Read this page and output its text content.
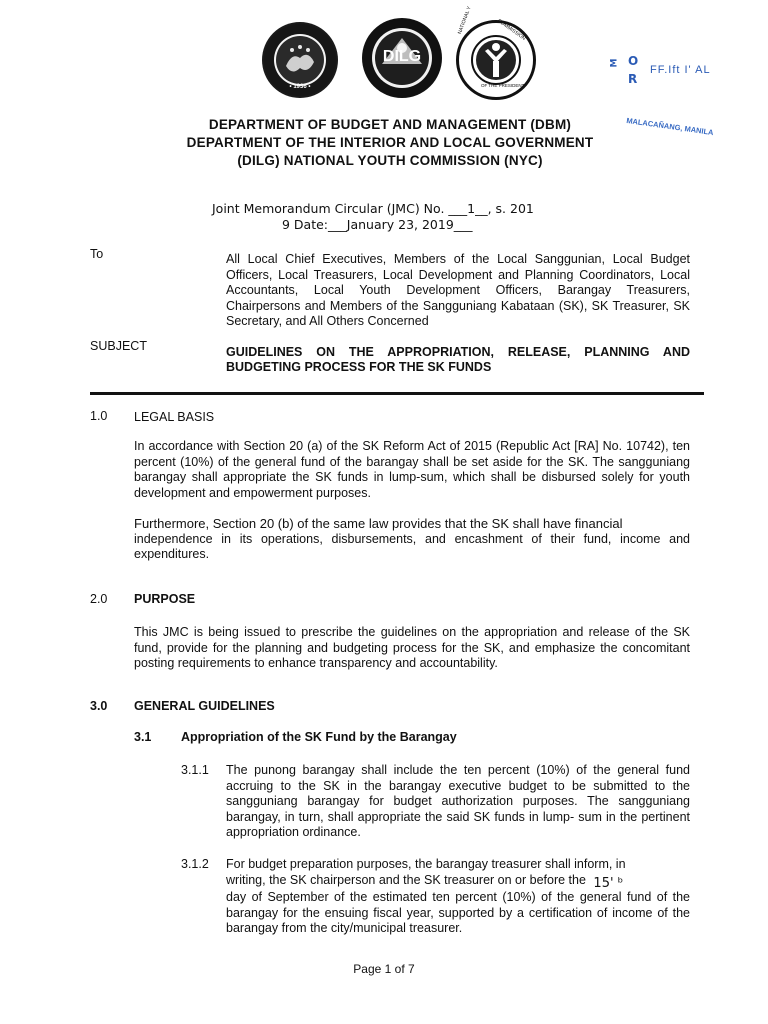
• 1936 •
DILG
NATIONAL Y	COMMISSION
OF THE PRESIDENT
M O
R
FF.Ift I' AL
MALACAÑANG, MANILA
DEPARTMENT OF BUDGET AND MANAGEMENT (DBM)
DEPARTMENT OF THE INTERIOR AND LOCAL GOVERNMENT
(DILG) NATIONAL YOUTH COMMISSION (NYC)
Joint Memorandum Circular (JMC) No. ___1__, s. 201
9 Date:___January 23, 2019___
To	All Local Chief Executives, Members of the Local Sanggunian, Local Budget Officers, Local Treasurers, Local Development and Planning Coordinators, Local Accountants, Local Youth Development Officers, Barangay Treasurers, Chairpersons and Members of the Sangguniang Kabataan (SK), SK Treasurer, SK Secretary, and All Others Concerned
SUBJECT	GUIDELINES ON THE APPROPRIATION, RELEASE, PLANNING AND BUDGETING PROCESS FOR THE SK FUNDS
1.0 LEGAL BASIS
In accordance with Section 20 (a) of the SK Reform Act of 2015 (Republic Act [RA] No. 10742), ten percent (10%) of the general fund of the barangay shall be set aside for the SK. The sangguniang barangay shall appropriate the SK funds in lump-sum, which shall be disbursed solely for youth development and empowerment purposes.

Furthermore, Section 20 (b) of the same law provides that the SK shall have financial

independence in its operations, disbursements, and encashment of their fund, income and expenditures.

2.0 PURPOSE
This JMC is being issued to prescribe the guidelines on the appropriation and release of the SK fund, provide for the planning and budgeting process for the SK, and emphasize the concomitant posting requirements to enhance transparency and accountability.
3.0 GENERAL GUIDELINES
3.1 Appropriation of the SK Fund by the Barangay
3.1.1 The punong barangay shall include the ten percent (10%) of the general fund accruing to the SK in the barangay executive budget to be submitted to the sangguniang barangay for budget authorization purposes. The sangguniang barangay, in turn, shall appropriate the said SK funds in lump- sum in the pertinent appropriation ordinance.
3.1.2 For budget preparation purposes, the barangay treasurer shall inform, in
writing, the SK chairperson and the SK treasurer on or before the 15' ᵇ
day of September of the estimated ten percent (10%) of the general fund of the barangay for the ensuing fiscal year, supported by a certification of income of the barangay from the city/municipal treasurer.
Page 1 of 7
